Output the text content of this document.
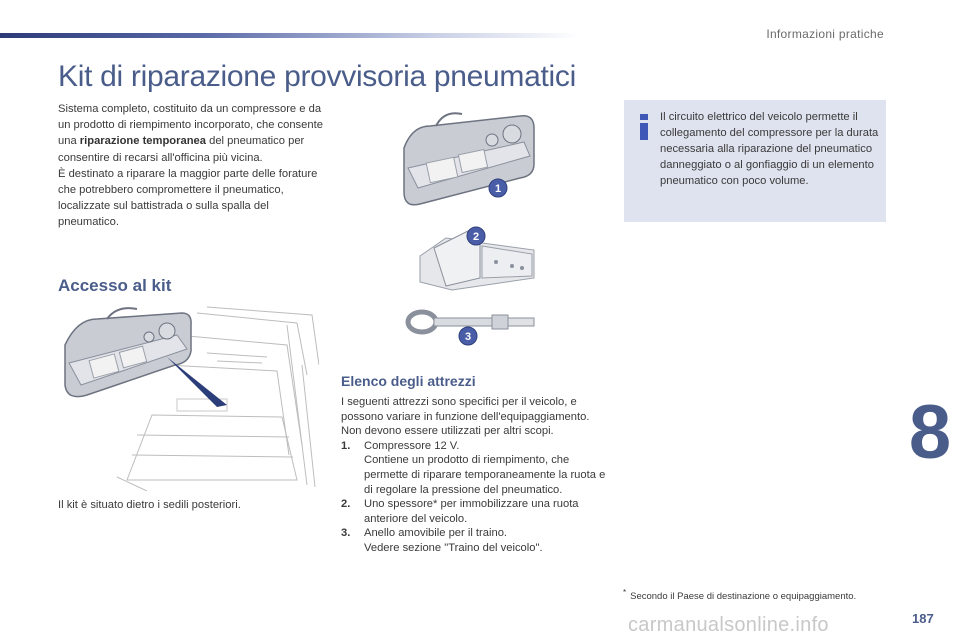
Informazioni pratiche
Kit di riparazione provvisoria pneumatici

Sistema completo, costituito da un compressore e da un prodotto di riempimento incorporato, che consente una riparazione temporanea del pneumatico per consentire di recarsi all'officina più vicina.
È destinato a riparare la maggior parte delle forature che potrebbero compromettere il pneumatico, localizzate sul battistrada o sulla spalla del pneumatico.

Accesso al kit

Il kit è situato dietro i sedili posteriori.

1
2
3
Elenco degli attrezzi

I seguenti attrezzi sono specifici per il veicolo, e possono variare in funzione dell'equipaggiamento. Non devono essere utilizzati per altri scopi.

1.	Compressore 12 V.
Contiene un prodotto di riempimento, che permette di riparare temporaneamente la ruota e di regolare la pressione del pneumatico.
2.	Uno spessore* per immobilizzare una ruota anteriore del veicolo.
3.	Anello amovibile per il traino.
Vedere sezione "Traino del veicolo".

Il circuito elettrico del veicolo permette il collegamento del compressore per la durata necessaria alla riparazione del pneumatico danneggiato o al gonfiaggio di un elemento pneumatico con poco volume.

* Secondo il Paese di destinazione o equipaggiamento.
8
carmanualsonline.info	187
